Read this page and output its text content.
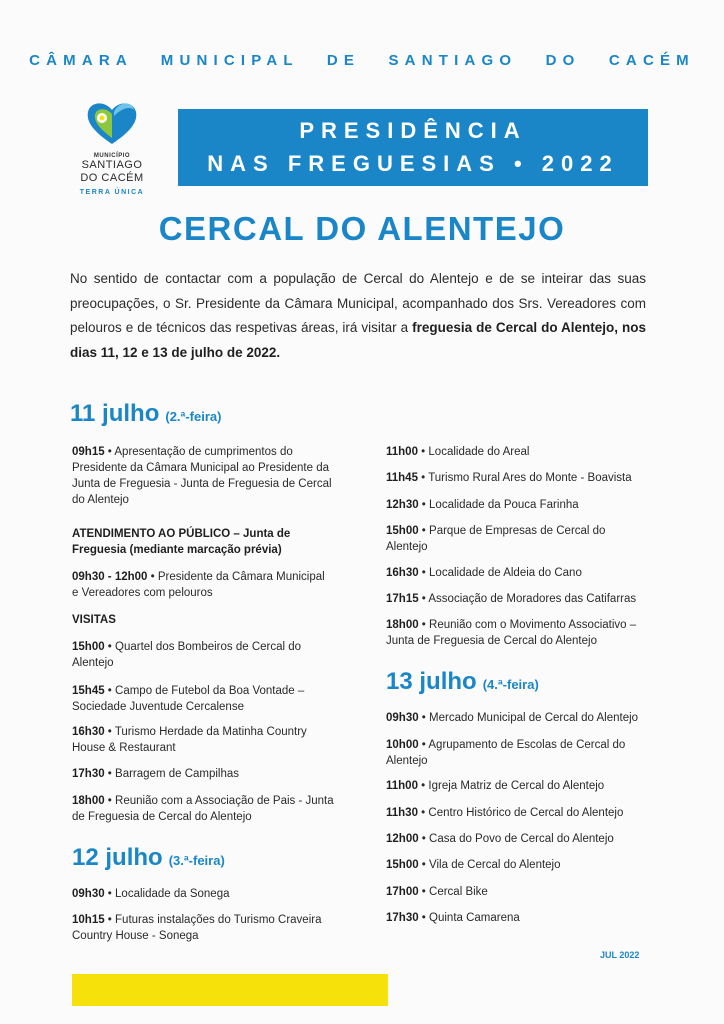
CÂMARA MUNICIPAL DE SANTIAGO DO CACÉM
MUNICÍPIO
SANTIAGO
DO CACÉM
TERRA ÚNICA
PRESIDÊNCIA
NAS FREGUESIAS • 2022
CERCAL DO ALENTEJO
No sentido de contactar com a população de Cercal do Alentejo e de se inteirar das suas preocupações, o Sr. Presidente da Câmara Municipal, acompanhado dos Srs. Vereadores com pelouros e de técnicos das respetivas áreas, irá visitar a freguesia de Cercal do Alentejo, nos dias 11, 12 e 13 de julho de 2022.
11 julho (2.ª-feira)
09h15 • Apresentação de cumprimentos do Presidente da Câmara Municipal ao Presidente da Junta de Freguesia - Junta de Freguesia de Cercal do Alentejo
ATENDIMENTO AO PÚBLICO – Junta de Freguesia (mediante marcação prévia)
09h30 - 12h00 • Presidente da Câmara Municipal e Vereadores com pelouros
VISITAS
15h00 • Quartel dos Bombeiros de Cercal do Alentejo
15h45 • Campo de Futebol da Boa Vontade – Sociedade Juventude Cercalense
16h30 • Turismo Herdade da Matinha Country House & Restaurant
17h30 • Barragem de Campilhas
18h00 • Reunião com a Associação de Pais - Junta de Freguesia de Cercal do Alentejo
12 julho (3.ª-feira)
09h30 • Localidade da Sonega
10h15 • Futuras instalações do Turismo Craveira Country House - Sonega
11h00 • Localidade do Areal
11h45 • Turismo Rural Ares do Monte - Boavista
12h30 • Localidade da Pouca Farinha
15h00 • Parque de Empresas de Cercal do Alentejo
16h30 • Localidade de Aldeia do Cano
17h15 • Associação de Moradores das Catifarras
18h00 • Reunião com o Movimento Associativo – Junta de Freguesia de Cercal do Alentejo
13 julho (4.ª-feira)
09h30 • Mercado Municipal de Cercal do Alentejo
10h00 • Agrupamento de Escolas de Cercal do Alentejo
11h00 • Igreja Matriz de Cercal do Alentejo
11h30 • Centro Histórico de Cercal do Alentejo
12h00 • Casa do Povo de Cercal do Alentejo
15h00 • Vila de Cercal do Alentejo
17h00 • Cercal Bike
17h30 • Quinta Camarena
JUL 2022
